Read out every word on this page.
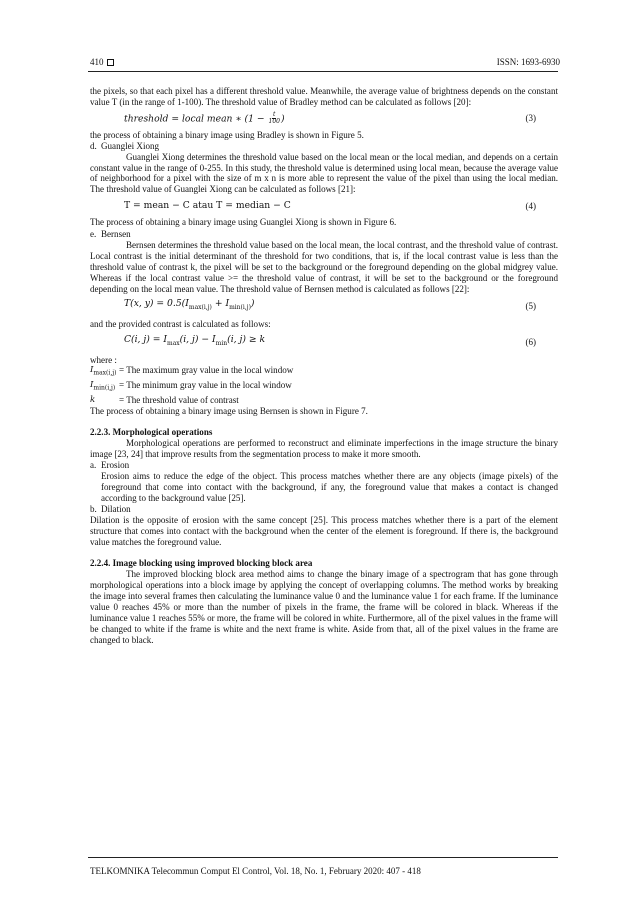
410	ISSN: 1693-6930

the pixels, so that each pixel has a different threshold value. Meanwhile, the average value of brightness depends on the constant value T (in the range of 1-100). The threshold value of Bradley method can be calculated as follows [20]:

threshold = local mean ∗ ($1 - \frac{t}{100}$ )	(3)

the process of obtaining a binary image using Bradley is shown in Figure 5.

d. Guanglei Xiong

Guanglei Xiong determines the threshold value based on the local mean or the local median, and depends on a certain constant value in the range of 0-255. In this study, the threshold value is determined using local mean, because the average value of neighborhood for a pixel with the size of m x n is more able to represent the value of the pixel than using the local median. The threshold value of Guanglei Xiong can be calculated as follows [21]:

T = mean − C atau T = median − C	(4)

The process of obtaining a binary image using Guanglei Xiong is shown in Figure 6.

e. Bernsen

Bernsen determines the threshold value based on the local mean, the local contrast, and the threshold value of contrast. Local contrast is the initial determinant of the threshold for two conditions, that is, if the local contrast value is less than the threshold value of contrast k, the pixel will be set to the background or the foreground depending on the global midgrey value. Whereas if the local contrast value >= the threshold value of contrast, it will be set to the background or the foreground depending on the local mean value. The threshold value of Bernsen method is calculated as follows [22]:

T(x, $y) = 0.5(I_{max(i,j)} + I_{min(i,j)})$	(5)

and the provided contrast is calculated as follows:

C(i, $j) = I_{max}(i$, $j) - I_{min}(i$, j) ≥ k	(6)

where :

$I_{max(i,j)}$ = The maximum gray value in the local window
$I_{min(i,j)}$ = The minimum gray value in the local window
k	= The threshold value of contrast

The process of obtaining a binary image using Bernsen is shown in Figure 7.

2.2.3. Morphological operations

Morphological operations are performed to reconstruct and eliminate imperfections in the image structure the binary image [23, 24] that improve results from the segmentation process to make it more smooth.

a. Erosion

Erosion aims to reduce the edge of the object. This process matches whether there are any objects (image pixels) of the foreground that come into contact with the background, if any, the foreground value that makes a contact is changed according to the background value [25].

b. Dilation

Dilation is the opposite of erosion with the same concept [25]. This process matches whether there is a part of the element structure that comes into contact with the background when the center of the element is foreground. If there is, the background value matches the foreground value.

2.2.4. Image blocking using improved blocking block area

The improved blocking block area method aims to change the binary image of a spectrogram that has gone through morphological operations into a block image by applying the concept of overlapping columns. The method works by breaking the image into several frames then calculating the luminance value 0 and the luminance value 1 for each frame. If the luminance value 0 reaches 45% or more than the number of pixels in the frame, the frame will be colored in black. Whereas if the luminance value 1 reaches 55% or more, the frame will be colored in white. Furthermore, all of the pixel values in the frame will be changed to white if the frame is white and the next frame is white. Aside from that, all of the pixel values in the frame are changed to black.

TELKOMNIKA Telecommun Comput El Control, Vol. 18, No. 1, February 2020: 407 - 418
